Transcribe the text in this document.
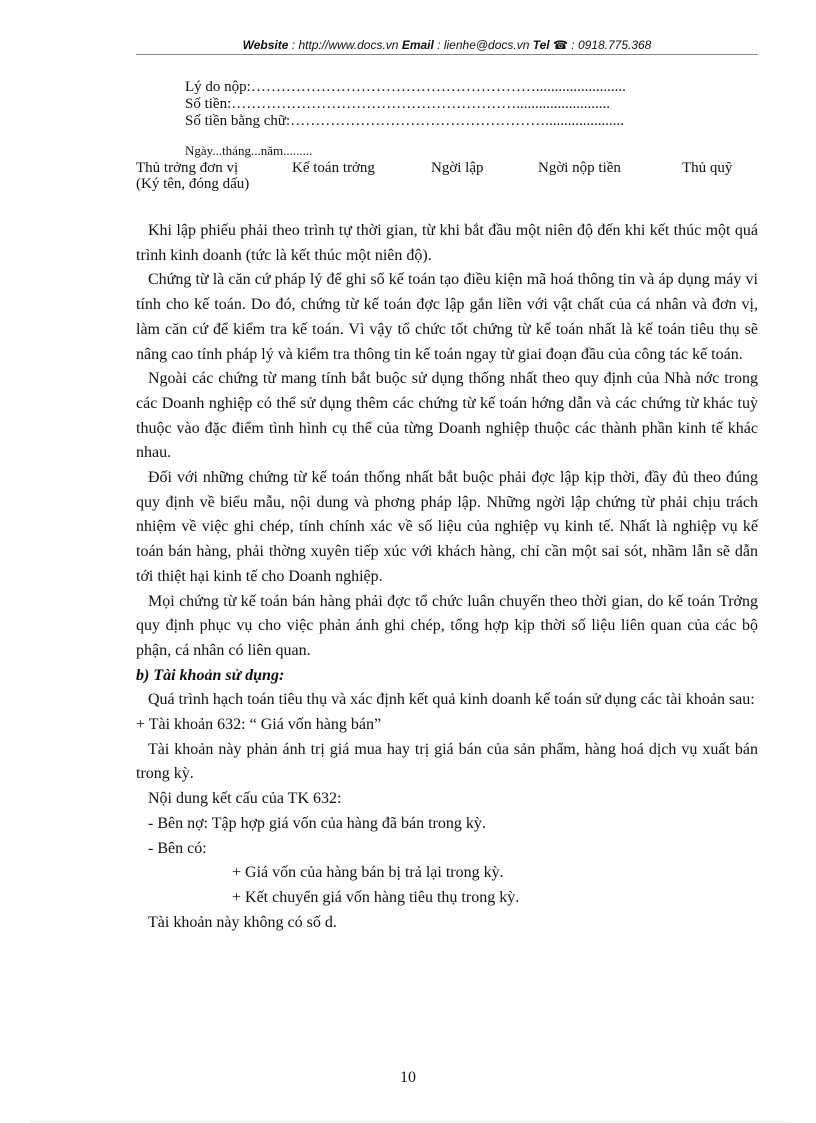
Website : http://www.docs.vn Email : lienhe@docs.vn Tel ☎ : 0918.775.368
Lý do nộp:…………………………………………………........................
Số tiền:………………………………………………….........................
Số tiền bằng chữ:…………………………………………….....................
Ngày...tháng...năm.........
Thủ trởng đơn vị	Kế toán trởng	Ngời lập	Ngời nộp tiền	Thủ quỹ
(Ký tên, đóng dấu)

Khi lập phiếu phải theo trình tự thời gian, từ khi bắt đầu một niên độ đến khi kết thúc một quá trình kinh doanh (tức là kết thúc một niên độ).

Chứng từ là căn cứ pháp lý để ghi sổ kế toán tạo điều kiện mã hoá thông tin và áp dụng máy vi tính cho kế toán. Do đó, chứng từ kế toán đợc lập gắn liền với vật chất của cá nhân và đơn vị, làm căn cứ để kiểm tra kế toán. Vì vậy tổ chức tốt chứng từ kế toán nhất là kế toán tiêu thụ sẽ nâng cao tính pháp lý và kiểm tra thông tin kế toán ngay từ giai đoạn đầu của công tác kế toán.

Ngoài các chứng từ mang tính bắt buộc sử dụng thống nhất theo quy định của Nhà nớc trong các Doanh nghiệp có thể sử dụng thêm các chứng từ kế toán hớng dẫn và các chứng từ khác tuỳ thuộc vào đặc điểm tình hình cụ thể của từng Doanh nghiệp thuộc các thành phần kinh tế khác nhau.

Đối với những chứng từ kế toán thống nhất bắt buộc phải đợc lập kịp thời, đầy đủ theo đúng quy định về biểu mẫu, nội dung và phơng pháp lập. Những ngời lập chứng từ phải chịu trách nhiệm về việc ghi chép, tính chính xác về số liệu của nghiệp vụ kinh tế. Nhất là nghiệp vụ kế toán bán hàng, phải thờng xuyên tiếp xúc với khách hàng, chỉ cần một sai sót, nhầm lẫn sẽ dẫn tới thiệt hại kinh tế cho Doanh nghiệp.

Mọi chứng từ kế toán bán hàng phải đợc tổ chức luân chuyển theo thời gian, do kế toán Trởng quy định phục vụ cho việc phản ánh ghi chép, tổng hợp kịp thời số liệu liên quan của các bộ phận, cá nhân có liên quan.

b) Tài khoản sử dụng:

Quá trình hạch toán tiêu thụ và xác định kết quả kinh doanh kế toán sử dụng các tài khoản sau:

+ Tài khoản 632: “ Giá vốn hàng bán”

Tài khoản này phản ánh trị giá mua hay trị giá bán của sản phẩm, hàng hoá dịch vụ xuất bán trong kỳ.

Nội dung kết cấu của TK 632:

- Bên nợ: Tập hợp giá vốn của hàng đã bán trong kỳ.

- Bên có:

+ Giá vốn của hàng bán bị trả lại trong kỳ.

+ Kết chuyển giá vốn hàng tiêu thụ trong kỳ.

Tài khoản này không có số d.

10
